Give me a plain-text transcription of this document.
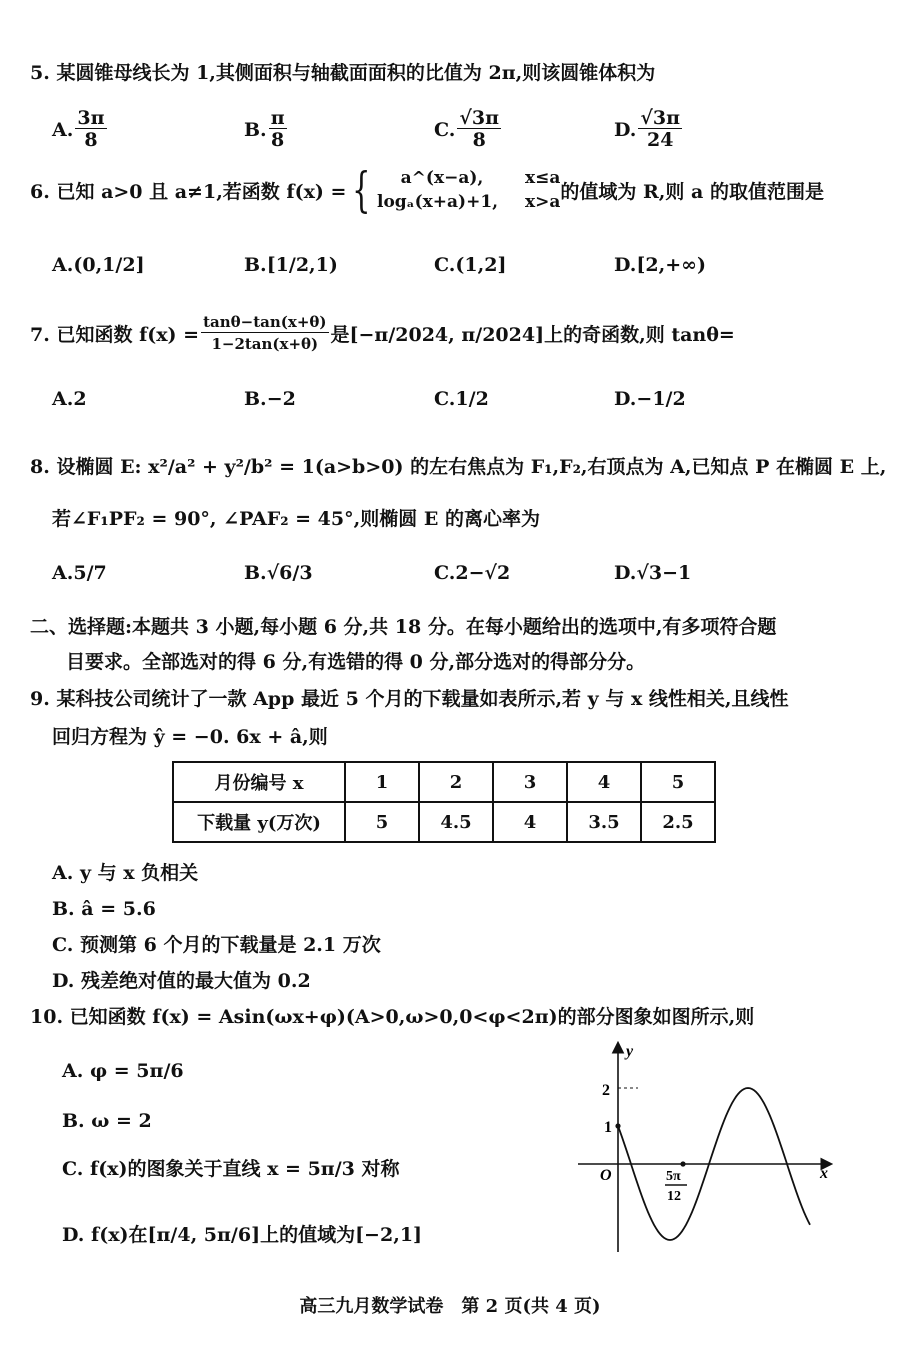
5. 某圆锥母线长为 1,其侧面积与轴截面面积的比值为 2π,则该圆锥体积为
A. $\frac{3\pi}{8}$	B. $\frac{\pi}{8}$	C. $\frac{√3\pi}{8}$	D. $\frac{√3\pi}{24}$
6. 已知 a>0 且 a≠1,若函数 f(x) = {	a^(x−a),	x≤a
logₐ(x+a)+1,	x>a 的值域为 R,则 a 的取值范围是
A. (0,1/2]	B. [1/2,1)	C. (1,2]	D. [2,+∞)
7. 已知函数 $f(x) = \frac{\tan\theta-\tan(x+\theta)}{1-2\tan(x+\theta)}$ 是[−π/2024, π/2024]上的奇函数,则 tanθ=
A. 2	B. −2	C. 1/2	D. −1/2
8. 设椭圆 E: x²/a² + y²/b² = 1(a>b>0) 的左右焦点为 F₁,F₂,右顶点为 A,已知点 P 在椭圆 E 上,
若∠F₁PF₂ = 90°, ∠PAF₂ = 45°,则椭圆 E 的离心率为
A. 5/7	B. √6/3	C. 2−√2	D. √3−1
二、选择题:本题共 3 小题,每小题 6 分,共 18 分。在每小题给出的选项中,有多项符合题
目要求。全部选对的得 6 分,有选错的得 0 分,部分选对的得部分分。
9. 某科技公司统计了一款 App 最近 5 个月的下载量如表所示,若 y 与 x 线性相关,且线性
回归方程为 ŷ = −0. 6x + â,则
月份编号 x	1	2	3	4	5
下载量 y(万次)	5	4.5	4	3.5	2.5
A. y 与 x 负相关
B. â = 5.6
C. 预测第 6 个月的下载量是 2.1 万次
D. 残差绝对值的最大值为 0.2
10. 已知函数 f(x) = Asin(ωx+φ)(A>0,ω>0,0<φ<2π)的部分图象如图所示,则
A. φ = 5π/6
B. ω = 2
C. f(x)的图象关于直线 x = 5π/3 对称
D. f(x)在[π/4, 5π/6]上的值域为[−2,1]
y
x
O
2
1
5π
12
高三九月数学试卷　第 2 页(共 4 页)
